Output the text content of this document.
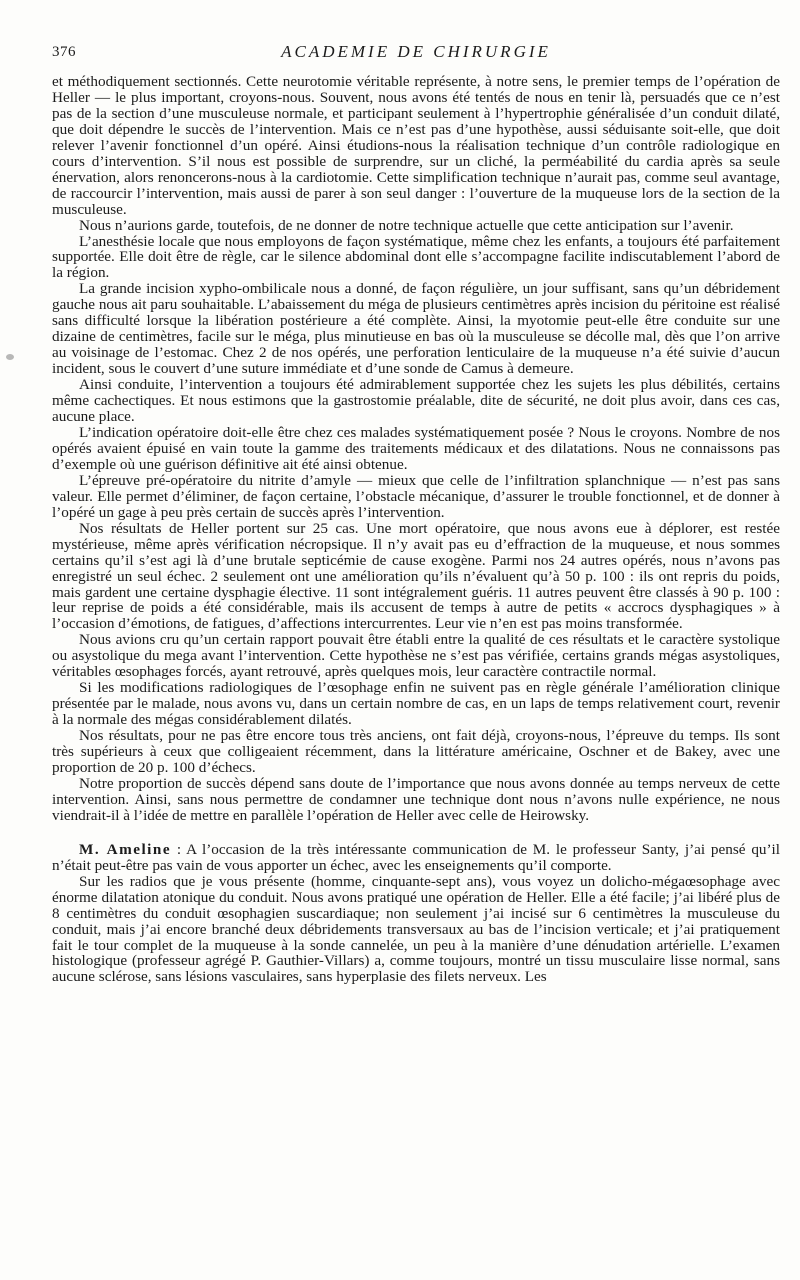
376	ACADEMIE DE CHIRURGIE

et méthodiquement sectionnés. Cette neurotomie véritable représente, à notre sens, le premier temps de l’opération de Heller — le plus important, croyons-nous. Souvent, nous avons été tentés de nous en tenir là, persuadés que ce n’est pas de la section d’une musculeuse normale, et participant seulement à l’hypertrophie généralisée d’un conduit dilaté, que doit dépendre le succès de l’intervention. Mais ce n’est pas d’une hypothèse, aussi séduisante soit-elle, que doit relever l’avenir fonctionnel d’un opéré. Ainsi étudions-nous la réalisation technique d’un contrôle radiologique en cours d’intervention. S’il nous est possible de surprendre, sur un cliché, la perméabilité du cardia après sa seule énervation, alors renoncerons-nous à la cardiotomie. Cette simplification technique n’aurait pas, comme seul avantage, de raccourcir l’intervention, mais aussi de parer à son seul danger : l’ouverture de la muqueuse lors de la section de la musculeuse.

Nous n’aurions garde, toutefois, de ne donner de notre technique actuelle que cette anticipation sur l’avenir.

L’anesthésie locale que nous employons de façon systématique, même chez les enfants, a toujours été parfaitement supportée. Elle doit être de règle, car le silence abdominal dont elle s’accompagne facilite indiscutablement l’abord de la région.

La grande incision xypho-ombilicale nous a donné, de façon régulière, un jour suffisant, sans qu’un débridement gauche nous ait paru souhaitable. L’abaissement du méga de plusieurs centimètres après incision du péritoine est réalisé sans difficulté lorsque la libération postérieure a été complète. Ainsi, la myotomie peut-elle être conduite sur une dizaine de centimètres, facile sur le méga, plus minutieuse en bas où la musculeuse se décolle mal, dès que l’on arrive au voisinage de l’estomac. Chez 2 de nos opérés, une perforation lenticulaire de la muqueuse n’a été suivie d’aucun incident, sous le couvert d’une suture immédiate et d’une sonde de Camus à demeure.

Ainsi conduite, l’intervention a toujours été admirablement supportée chez les sujets les plus débilités, certains même cachectiques. Et nous estimons que la gastrostomie préalable, dite de sécurité, ne doit plus avoir, dans ces cas, aucune place.

L’indication opératoire doit-elle être chez ces malades systématiquement posée ? Nous le croyons. Nombre de nos opérés avaient épuisé en vain toute la gamme des traitements médicaux et des dilatations. Nous ne connaissons pas d’exemple où une guérison définitive ait été ainsi obtenue.

L’épreuve pré-opératoire du nitrite d’amyle — mieux que celle de l’infiltration splanchnique — n’est pas sans valeur. Elle permet d’éliminer, de façon certaine, l’obstacle mécanique, d’assurer le trouble fonctionnel, et de donner à l’opéré un gage à peu près certain de succès après l’intervention.

Nos résultats de Heller portent sur 25 cas. Une mort opératoire, que nous avons eue à déplorer, est restée mystérieuse, même après vérification nécropsique. Il n’y avait pas eu d’effraction de la muqueuse, et nous sommes certains qu’il s’est agi là d’une brutale septicémie de cause exogène. Parmi nos 24 autres opérés, nous n’avons pas enregistré un seul échec. 2 seulement ont une amélioration qu’ils n’évaluent qu’à 50 p. 100 : ils ont repris du poids, mais gardent une certaine dysphagie élective. 11 sont intégralement guéris. 11 autres peuvent être classés à 90 p. 100 : leur reprise de poids a été considérable, mais ils accusent de temps à autre de petits « accrocs dysphagiques » à l’occasion d’émotions, de fatigues, d’affections intercurrentes. Leur vie n’en est pas moins transformée.

Nous avions cru qu’un certain rapport pouvait être établi entre la qualité de ces résultats et le caractère systolique ou asystolique du mega avant l’intervention. Cette hypothèse ne s’est pas vérifiée, certains grands mégas asystoliques, véritables œsophages forcés, ayant retrouvé, après quelques mois, leur caractère contractile normal.

Si les modifications radiologiques de l’œsophage enfin ne suivent pas en règle générale l’amélioration clinique présentée par le malade, nous avons vu, dans un certain nombre de cas, en un laps de temps relativement court, revenir à la normale des mégas considérablement dilatés.

Nos résultats, pour ne pas être encore tous très anciens, ont fait déjà, croyons-nous, l’épreuve du temps. Ils sont très supérieurs à ceux que colligeaient récemment, dans la littérature américaine, Oschner et de Bakey, avec une proportion de 20 p. 100 d’échecs.

Notre proportion de succès dépend sans doute de l’importance que nous avons donnée au temps nerveux de cette intervention. Ainsi, sans nous permettre de condamner une technique dont nous n’avons nulle expérience, ne nous viendrait-il à l’idée de mettre en parallèle l’opération de Heller avec celle de Heirowsky.

M. Ameline : A l’occasion de la très intéressante communication de M. le professeur Santy, j’ai pensé qu’il n’était peut-être pas vain de vous apporter un échec, avec les enseignements qu’il comporte.

Sur les radios que je vous présente (homme, cinquante-sept ans), vous voyez un dolicho-mégaœsophage avec énorme dilatation atonique du conduit. Nous avons pratiqué une opération de Heller. Elle a été facile; j’ai libéré plus de 8 centimètres du conduit œsophagien suscardiaque; non seulement j’ai incisé sur 6 centimètres la musculeuse du conduit, mais j’ai encore branché deux débridements transversaux au bas de l’incision verticale; et j’ai pratiquement fait le tour complet de la muqueuse à la sonde cannelée, un peu à la manière d’une dénudation artérielle. L’examen histologique (professeur agrégé P. Gauthier-Villars) a, comme toujours, montré un tissu musculaire lisse normal, sans aucune sclérose, sans lésions vasculaires, sans hyperplasie des filets nerveux. Les
